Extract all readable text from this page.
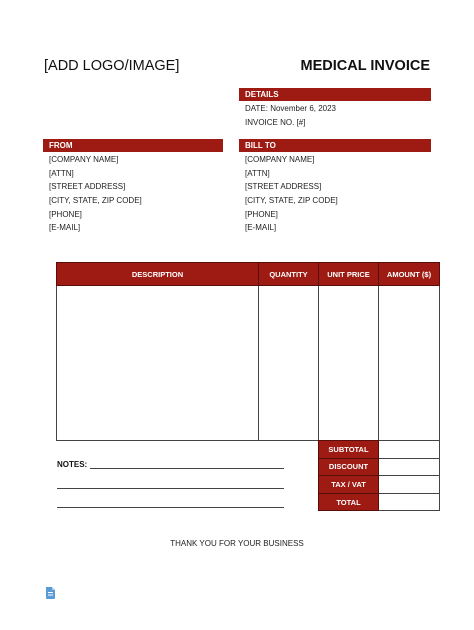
[ADD LOGO/IMAGE]	MEDICAL INVOICE
DETAILS
DATE: November 6, 2023
INVOICE NO. [#]
FROM
[COMPANY NAME]
[ATTN]
[STREET ADDRESS]
[CITY, STATE, ZIP CODE]
[PHONE]
[E-MAIL]
BILL TO
[COMPANY NAME]
[ATTN]
[STREET ADDRESS]
[CITY, STATE, ZIP CODE]
[PHONE]
[E-MAIL]
DESCRIPTION	QUANTITY	UNIT PRICE	AMOUNT ($)

SUBTOTAL	
DISCOUNT	
TAX / VAT	
TOTAL	
NOTES:
THANK YOU FOR YOUR BUSINESS
